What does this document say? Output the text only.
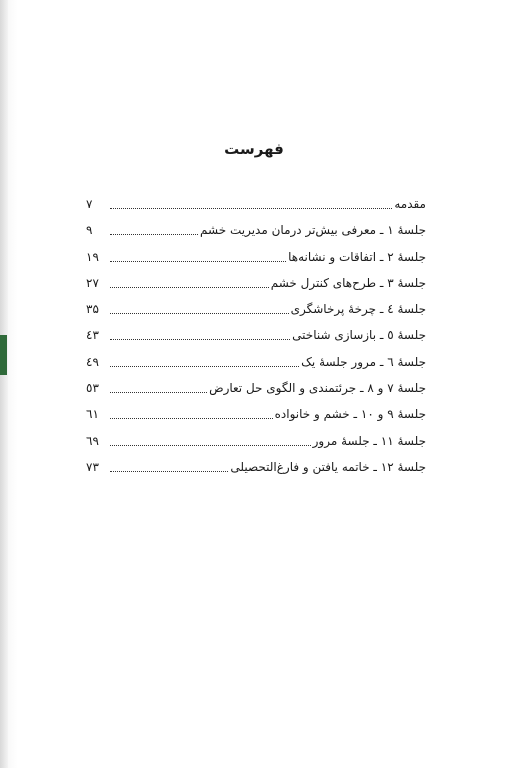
فهرست
مقدمه
۷
جلسهٔ ۱ ـ معرفی بیش‌تر درمان مدیریت خشم
۹
جلسهٔ ۲ ـ اتفاقات و نشانه‌ها
۱۹
جلسهٔ ۳ ـ طرح‌های کنترل خشم
۲۷
جلسهٔ ٤ ـ چرخهٔ پرخاشگری
۳۵
جلسهٔ ٥ ـ بازسازی شناختی
٤۳
جلسهٔ ٦ ـ مرور جلسهٔ یک
٤۹
جلسهٔ ۷ و ۸ ـ جرئتمندی و الگوی حل تعارض
٥۳
جلسهٔ ۹ و ۱۰ ـ خشم و خانواده
٦۱
جلسهٔ ۱۱ ـ جلسهٔ مرور
٦۹
جلسهٔ ۱۲ ـ خاتمه یافتن و فارغ‌التحصیلی
۷۳
